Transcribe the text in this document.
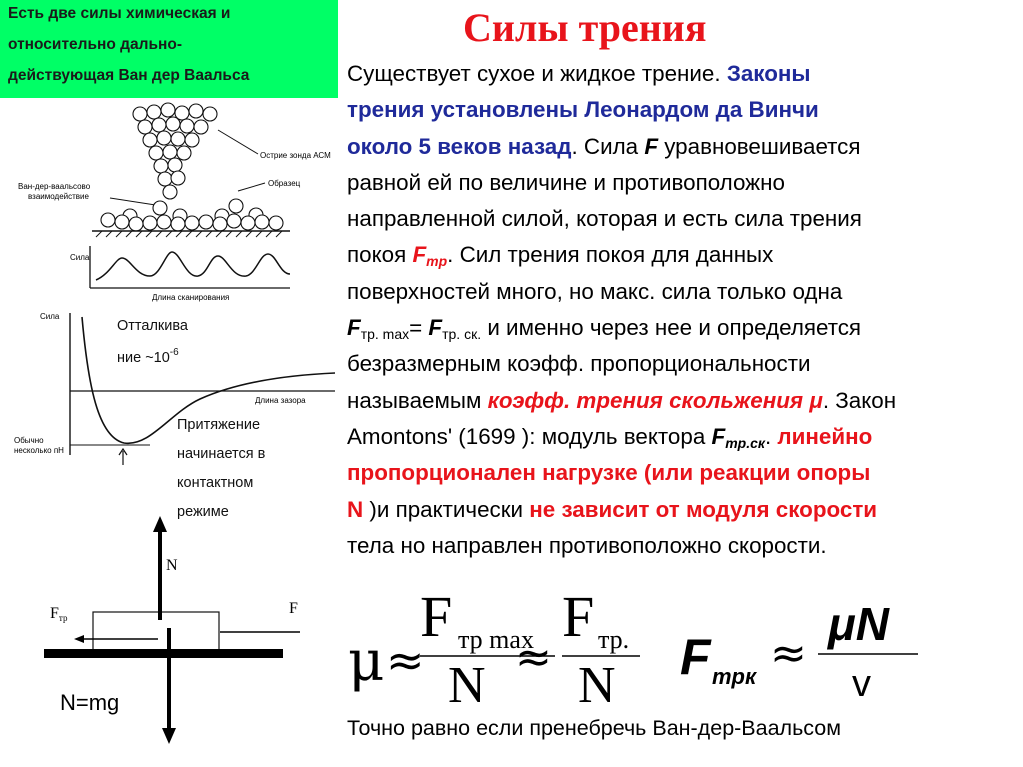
Есть две силы химическая и
относительно дально-
действующая Ван дер Ваальса
Силы трения
Существует сухое и жидкое трение. Законы
трения установлены Леонардом да Винчи
около 5 веков назад. Сила F уравновешивается
равной ей по величине и противоположно
направленной силой, которая и есть сила трения
покоя $F_{тр}$. Сил трения покоя для данных
поверхностей много, но макс. сила только одна
$F_{тр. max}= F_{тр. ск.}$ и именно через нее и определяется
безразмерным коэфф. пропорциональности
называемым коэфф. трения скольжения μ. Закон
Amontons' (1699 ): модуль вектора $F_{тр.ск}$. линейно
пропорционален нагрузке (или реакции опоры
N )и практически не зависит от модуля скорости
тела но направлен противоположно скорости.
Острие зонда АСМ
Образец
Ван-дер-ваальсово
взаимодействие
Сила
Длина сканирования
Сила
Длина зазора
Обычно
несколько пН
Отталкива
ние $\sim 10^{-6}$
Притяжение
начинается в
контактном
режиме
N
Fтр
F
N=mg
μ ≈
F тр max
N ≈
F тр.
N F трк ≈
μN
v
Точно равно если пренебречь Ван-дер-Ваальсом
